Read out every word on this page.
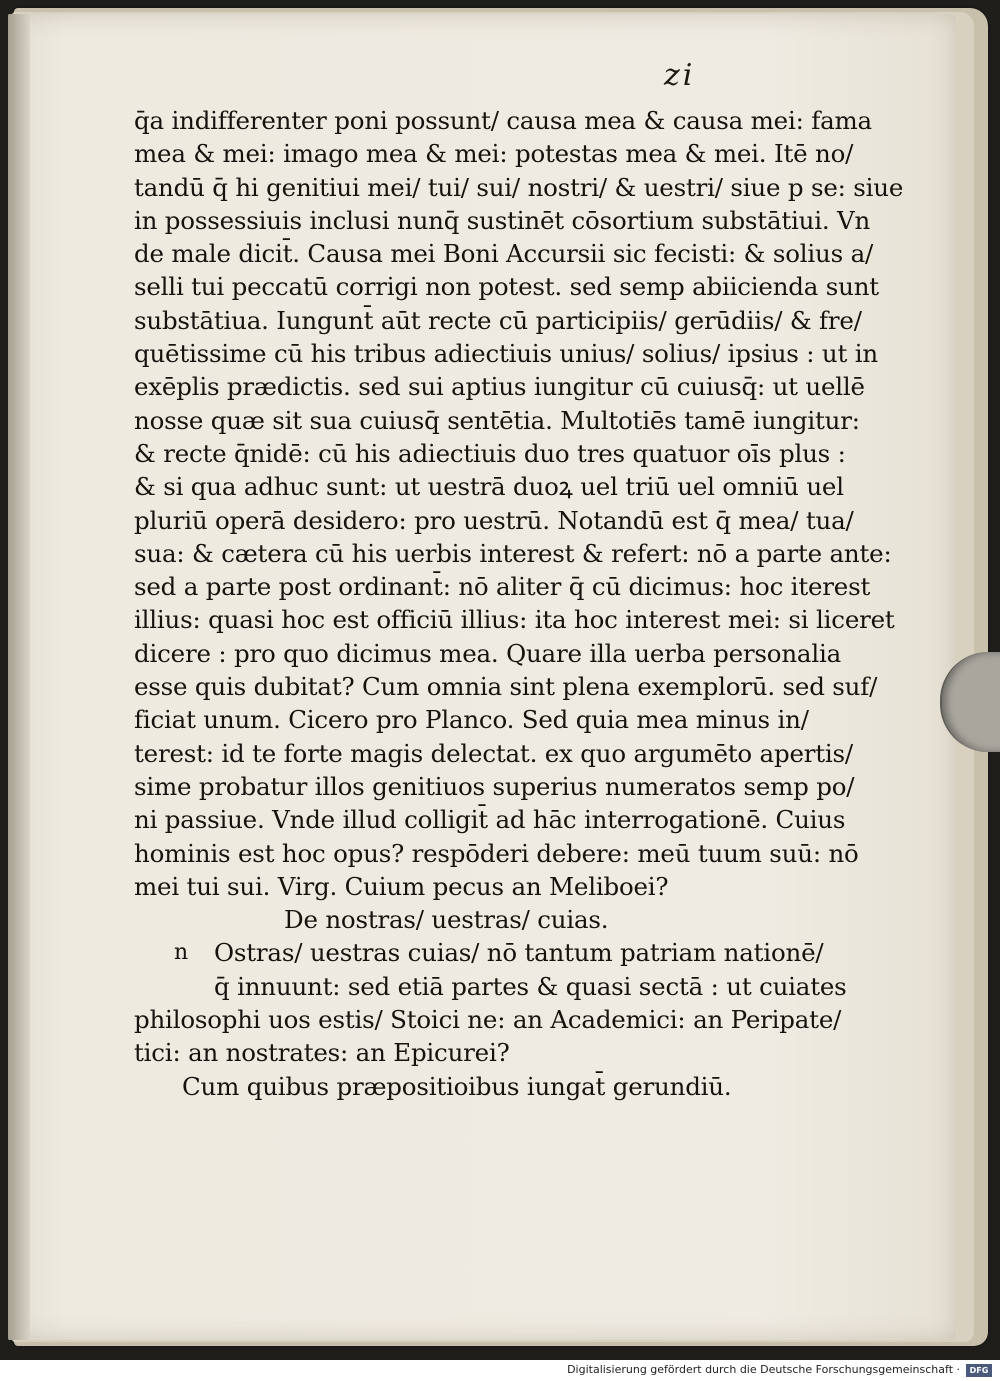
zi
q̄a indifferenter poni possunt/ causa mea & causa mei: fama
mea & mei: imago mea & mei: potestas mea & mei. Itē no/
tandū q̄ hi genitiui mei/ tui/ sui/ nostri/ & uestri/ siue p se: siue
in possessiuis inclusi nunq̄ sustinēt cōsortium substātiui. Vn
de male dicit̄. Causa mei Boni Accursii sic fecisti: & solius a/
selli tui peccatū corrigi non potest. sed semp abiicienda sunt
substātiua. Iungunt̄ aūt recte cū participiis/ gerūdiis/ & fre/
quētissime cū his tribus adiectiuis unius/ solius/ ipsius : ut in
exēplis prædictis. sed sui aptius iungitur cū cuiusq̄: ut uellē
nosse quæ sit sua cuiusq̄ sentētia. Multotiēs tamē iungitur:
& recte q̄nidē: cū his adiectiuis duo tres quatuor oīs plus :
& si qua adhuc sunt: ut uestrā duoꝝ uel triū uel omniū uel
pluriū operā desidero: pro uestrū. Notandū est q̄ mea/ tua/
sua: & cætera cū his uerbis interest & refert: nō a parte ante:
sed a parte post ordinant̄: nō aliter q̄ cū dicimus: hoc iterest
illius: quasi hoc est officiū illius: ita hoc interest mei: si liceret
dicere : pro quo dicimus mea. Quare illa uerba personalia
esse quis dubitat? Cum omnia sint plena exemplorū. sed suf/
ficiat unum. Cicero pro Planco. Sed quia mea minus in/
terest: id te forte magis delectat. ex quo argumēto apertis/
sime probatur illos genitiuos superius numeratos semp po/
ni passiue. Vnde illud colligit̄ ad hāc interrogationē. Cuius
hominis est hoc opus? respōderi debere: meū tuum suū: nō
mei tui sui. Virg. Cuium pecus an Meliboei?
De nostras/ uestras/ cuias.
n Ostras/ uestras cuias/ nō tantum patriam nationē/
q̄ innuunt: sed etiā partes & quasi sectā : ut cuiates
philosophi uos estis/ Stoici ne: an Academici: an Peripate/
tici: an nostrates: an Epicurei?
Cum quibus præpositioibus iungat̄ gerundiū.
Digitalisierung gefördert durch die Deutsche Forschungsgemeinschaft ·	DFG
